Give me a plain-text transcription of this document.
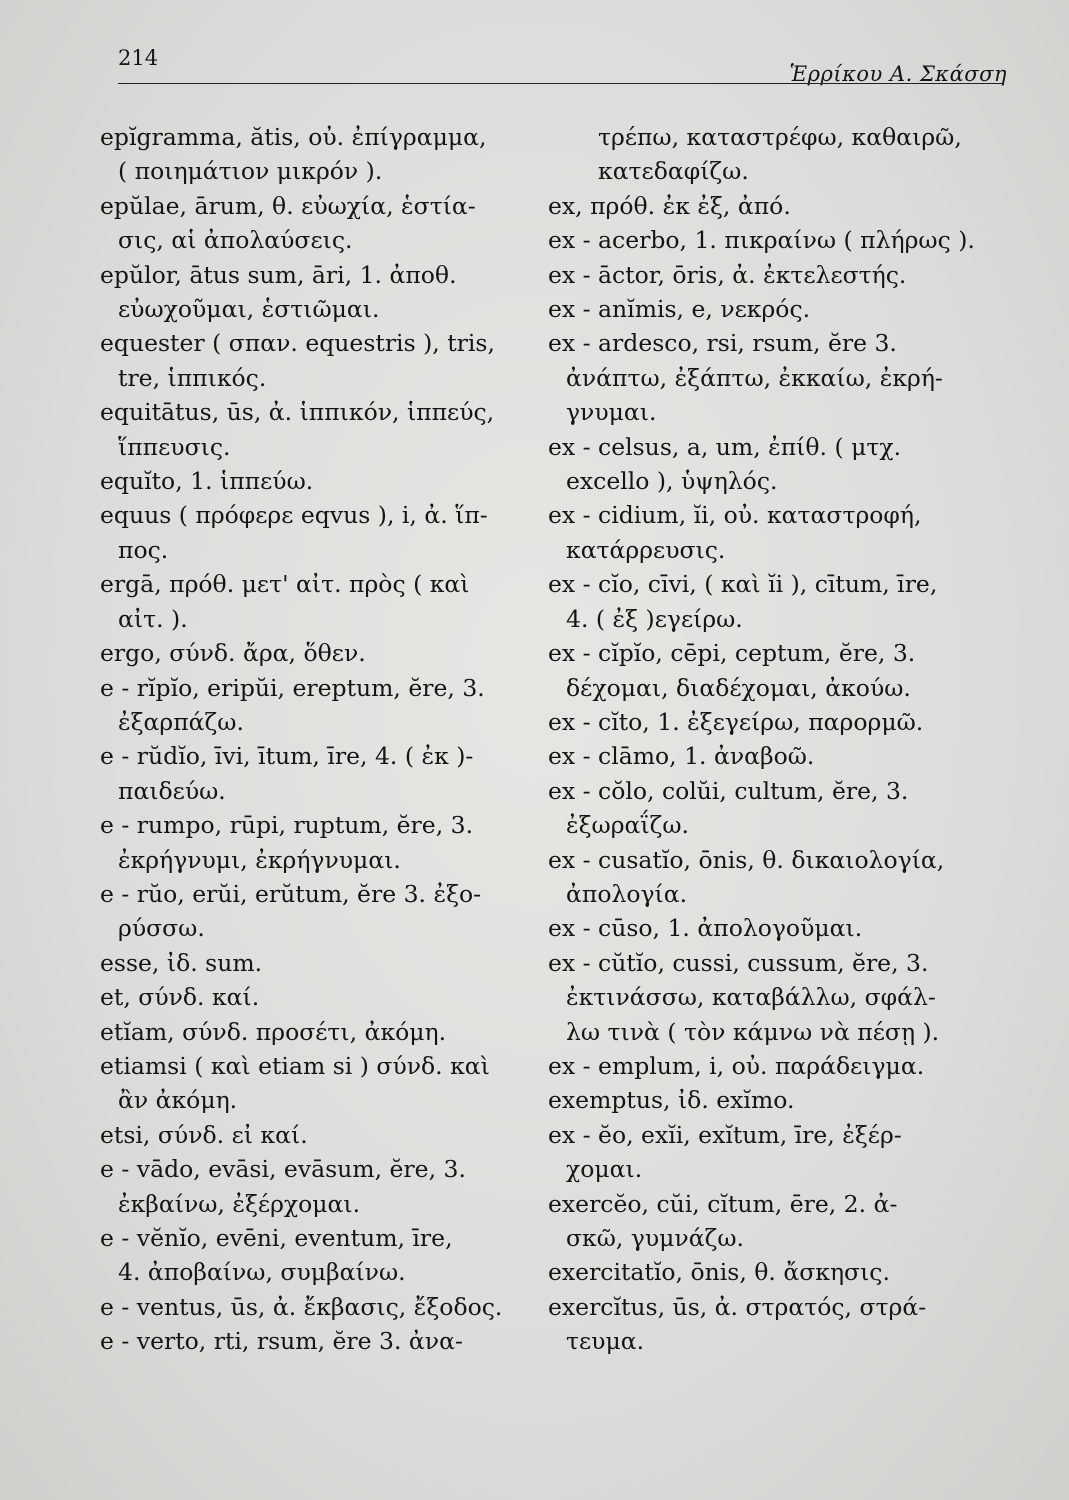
214
Ἑρρίκου Α. Σκάσση
epĭgramma, ătis, οὐ. ἐπίγραμμα,
( ποιημάτιον μικρόν ).
epŭlae, ārum, θ. εὐωχία, ἑστία-
σις, αἱ ἀπολαύσεις.
epŭlor, ātus sum, āri, 1. ἀποθ.
εὐωχοῦμαι, ἑστιῶμαι.
equester ( σπαν. equestris ), tris,
tre, ἱππικός.
equitātus, ūs, ἀ. ἱππικόν, ἱππεύς,
ἵππευσις.
equĭto, 1. ἱππεύω.
equus ( πρόφερε eqvus ), i, ἀ. ἵπ-
πος.
ergā, πρόθ. μετ' αἰτ. πρὸς ( καὶ
αἰτ. ).
ergo, σύνδ. ἄρα, ὅθεν.
e - rĭpĭo, eripŭi, ereptum, ĕre, 3.
ἐξαρπάζω.
e - rŭdĭo, īvi, ītum, īre, 4. ( ἐκ )-
παιδεύω.
e - rumpo, rūpi, ruptum, ĕre, 3.
ἐκρήγνυμι, ἐκρήγνυμαι.
e - rŭo, erŭi, erŭtum, ĕre 3. ἐξο-
ρύσσω.
esse, ἰδ. sum.
et, σύνδ. καί.
etĭam, σύνδ. προσέτι, ἀκόμη.
etiamsi ( καὶ etiam si ) σύνδ. καὶ
ἂν ἀκόμη.
etsi, σύνδ. εἰ καί.
e - vādo, evāsi, evāsum, ĕre, 3.
ἐκβαίνω, ἐξέρχομαι.
e - vĕnĭo, evēni, eventum, īre,
4. ἀποβαίνω, συμβαίνω.
e - ventus, ūs, ἀ. ἔκβασις, ἔξοδος.
e - verto, rti, rsum, ĕre 3. ἀνα-
τρέπω, καταστρέφω, καθαιρῶ,
κατεδαφίζω.
ex, πρόθ. ἐκ ἐξ, ἀπό.
ex - acerbo, 1. πικραίνω ( πλήρως ).
ex - āctor, ōris, ἀ. ἐκτελεστής.
ex - anĭmis, e, νεκρός.
ex - ardesco, rsi, rsum, ĕre 3.
ἀνάπτω, ἐξάπτω, ἐκκαίω, ἐκρή-
γνυμαι.
ex - celsus, a, um, ἐπίθ. ( μτχ.
excello ), ὑψηλός.
ex - cidium, ĭi, οὐ. καταστροφή,
κατάρρευσις.
ex - cĭo, cīvi, ( καὶ ĭi ), cītum, īre,
4. ( ἐξ )εγείρω.
ex - cĭpĭo, cēpi, ceptum, ĕre, 3.
δέχομαι, διαδέχομαι, ἀκούω.
ex - cĭto, 1. ἐξεγείρω, παρορμῶ.
ex - clāmo, 1. ἀναβοῶ.
ex - cŏlo, colŭi, cultum, ĕre, 3.
ἐξωραΐζω.
ex - cusatĭo, ōnis, θ. δικαιολογία,
ἀπολογία.
ex - cūso, 1. ἀπολογοῦμαι.
ex - cŭtĭo, cussi, cussum, ĕre, 3.
ἐκτινάσσω, καταβάλλω, σφάλ-
λω τινὰ ( τὸν κάμνω νὰ πέσῃ ).
ex - emplum, i, οὐ. παράδειγμα.
exemptus, ἰδ. exĭmo.
ex - ĕo, exĭi, exĭtum, īre, ἐξέρ-
χομαι.
exercĕo, cŭi, cĭtum, ēre, 2. ἀ-
σκῶ, γυμνάζω.
exercitatĭo, ōnis, θ. ἄσκησις.
exercĭtus, ūs, ἀ. στρατός, στρά-
τευμα.
